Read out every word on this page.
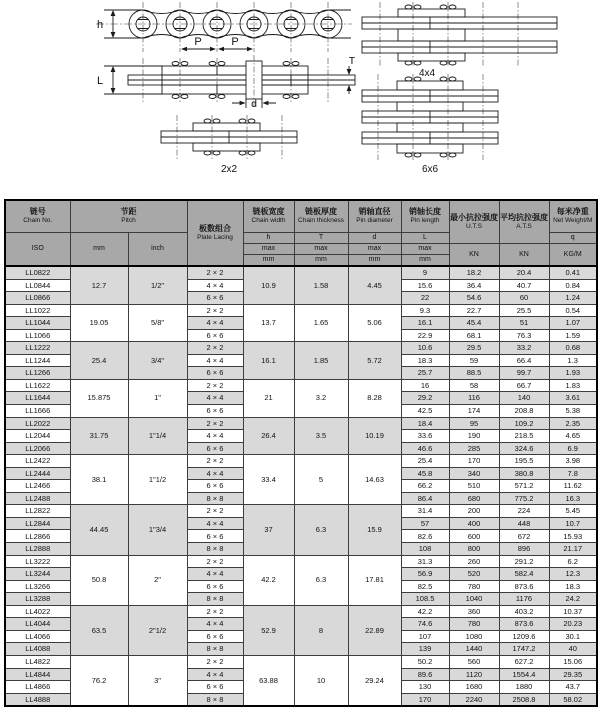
h
P	P
L
d
T
2x2
4x4
6x6
链号
Chain No.

节距
Pitch

板数组合
Plate Lacing

链板宽度
Chain width

链板厚度
Chain thickness

销轴直径
Pin diameter

销轴长度
Pin length	最小抗拉强度
U.T.S

平均抗拉强度
A.T.S

每米净重
Net Weight/M

ISO	mm	inch		h	T	d	L			q
				max	max	max	max	KN	KN	KG/M
				mm	mm	mm	mm			
LL0822	12.7	1/2"	2 × 2	10.9	1.58	4.45	9	18.2	20.4	0.41
LL0844			4 × 4				15.6	36.4	40.7	0.84
LL0866			6 × 6				22	54.6	60	1.24
LL1022	19.05	5/8"	2 × 2	13.7	1.65	5.06	9.3	22.7	25.5	0.54
LL1044			4 × 4				16.1	45.4	51	1.07
LL1066			6 × 6				22.9	68.1	76.3	1.59
LL1222	25.4	3/4"	2 × 2	16.1	1.85	5.72	10.6	29.5	33.2	0.68
LL1244			4 × 4				18.3	59	66.4	1.3
LL1266			6 × 6				25.7	88.5	99.7	1.93
LL1622	15.875	1"	2 × 2	21	3.2	8.28	16	58	66.7	1.83
LL1644			4 × 4				29.2	116	140	3.61
LL1666			6 × 6				42.5	174	208.8	5.38
LL2022	31.75	1"1/4	2 × 2	26.4	3.5	10.19	18.4	95	109.2	2.35
LL2044			4 × 4				33.6	190	218.5	4.65
LL2066			6 × 6				46.6	285	324.6	6.9
LL2422	38.1	1"1/2	2 × 2	33.4	5	14.63	25.4	170	195.5	3.98
LL2444			4 × 4				45.8	340	380.8	7.8
LL2466			6 × 6				66.2	510	571.2	11.62
LL2488			8 × 8				86.4	680	775.2	16.3
LL2822	44.45	1"3/4	2 × 2	37	6.3	15.9	31.4	200	224	5.45
LL2844			4 × 4				57	400	448	10.7
LL2866			6 × 6				82.6	600	672	15.93
LL2888			8 × 8				108	800	896	21.17
LL3222	50.8	2"	2 × 2	42.2	6.3	17.81	31.3	260	291.2	6.2
LL3244			4 × 4				56.9	520	582.4	12.3
LL3266			6 × 6				82.5	780	873.6	18.3
LL3288			8 × 8				108.5	1040	1176	24.2
LL4022	63.5	2"1/2	2 × 2	52.9	8	22.89	42.2	360	403.2	10.37
LL4044			4 × 4				74.6	780	873.6	20.23
LL4066			6 × 6				107	1080	1209.6	30.1
LL4088			8 × 8				139	1440	1747.2	40
LL4822	76.2	3"	2 × 2	63.88	10	29.24	50.2	560	627.2	15.06
LL4844			4 × 4				89.6	1120	1554.4	29.35
LL4866			6 × 6				130	1680	1880	43.7
LL4888			8 × 8				170	2240	2508.8	58.02
